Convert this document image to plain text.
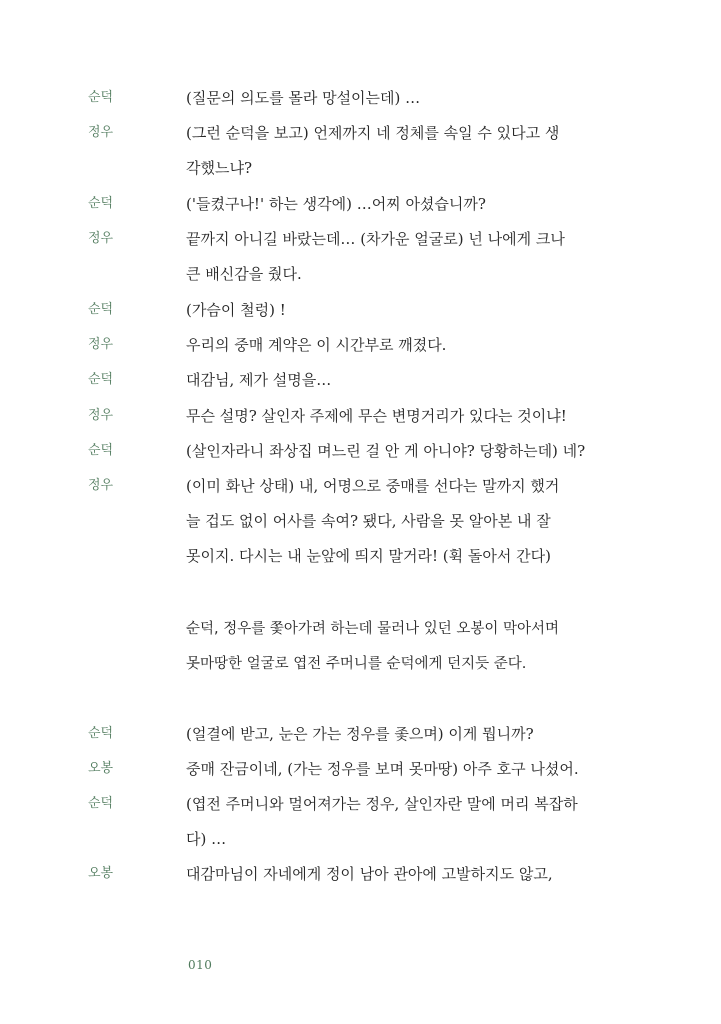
순덕	(질문의 의도를 몰라 망설이는데) …
정우	(그런 순덕을 보고) 언제까지 네 정체를 속일 수 있다고 생
각했느냐?
순덕	('들켰구나!' 하는 생각에) …어찌 아셨습니까?
정우	끝까지 아니길 바랐는데… (차가운 얼굴로) 넌 나에게 크나
큰 배신감을 줬다.
순덕	(가슴이 철렁) !
정우	우리의 중매 계약은 이 시간부로 깨졌다.
순덕	대감님, 제가 설명을…
정우	무슨 설명? 살인자 주제에 무슨 변명거리가 있다는 것이냐!
순덕	(살인자라니 좌상집 며느린 걸 안 게 아니야? 당황하는데) 네?
정우	(이미 화난 상태) 내, 어명으로 중매를 선다는 말까지 했거
늘 겁도 없이 어사를 속여? 됐다, 사람을 못 알아본 내 잘
못이지. 다시는 내 눈앞에 띄지 말거라! (휙 돌아서 간다)
순덕, 정우를 쫓아가려 하는데 물러나 있던 오봉이 막아서며
못마땅한 얼굴로 엽전 주머니를 순덕에게 던지듯 준다.
순덕	(얼결에 받고, 눈은 가는 정우를 좇으며) 이게 뭡니까?
오봉	중매 잔금이네, (가는 정우를 보며 못마땅) 아주 호구 나셨어.
순덕	(엽전 주머니와 멀어져가는 정우, 살인자란 말에 머리 복잡하
다) …
오봉	대감마님이 자네에게 정이 남아 관아에 고발하지도 않고,
010
